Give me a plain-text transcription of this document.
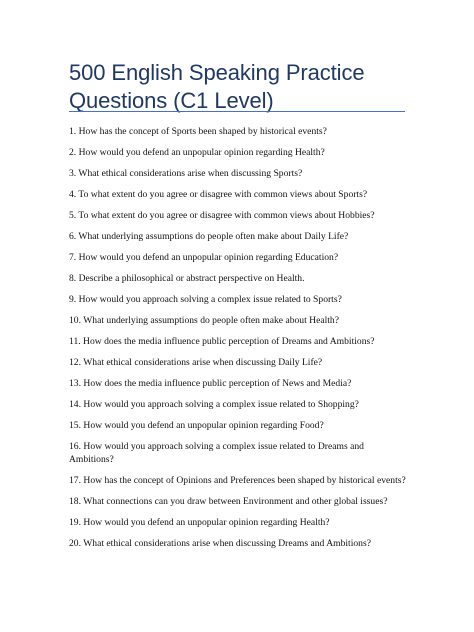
500 English Speaking Practice Questions (C1 Level)
1. How has the concept of Sports been shaped by historical events?
2. How would you defend an unpopular opinion regarding Health?
3. What ethical considerations arise when discussing Sports?
4. To what extent do you agree or disagree with common views about Sports?
5. To what extent do you agree or disagree with common views about Hobbies?
6. What underlying assumptions do people often make about Daily Life?
7. How would you defend an unpopular opinion regarding Education?
8. Describe a philosophical or abstract perspective on Health.
9. How would you approach solving a complex issue related to Sports?
10. What underlying assumptions do people often make about Health?
11. How does the media influence public perception of Dreams and Ambitions?
12. What ethical considerations arise when discussing Daily Life?
13. How does the media influence public perception of News and Media?
14. How would you approach solving a complex issue related to Shopping?
15. How would you defend an unpopular opinion regarding Food?
16. How would you approach solving a complex issue related to Dreams and Ambitions?
17. How has the concept of Opinions and Preferences been shaped by historical events?
18. What connections can you draw between Environment and other global issues?
19. How would you defend an unpopular opinion regarding Health?
20. What ethical considerations arise when discussing Dreams and Ambitions?
